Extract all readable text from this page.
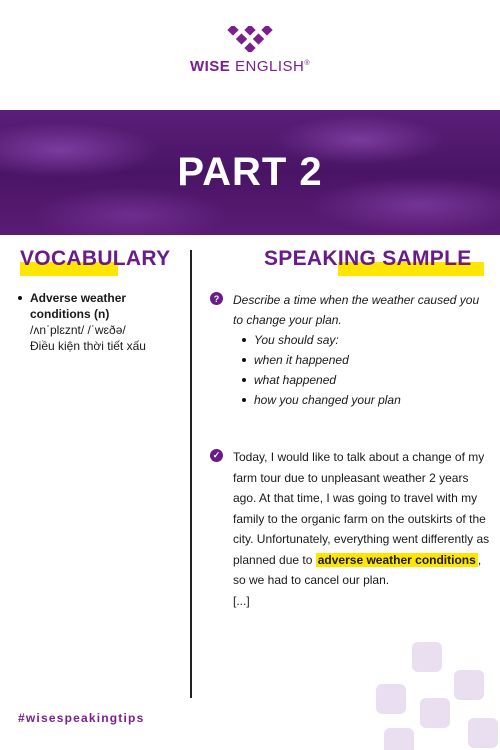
WISE ENGLISH®
PART 2
VOCABULARY	SPEAKING SAMPLE
Adverse weather conditions (n)
/ʌnˈplɛznt/ /ˈwɛðə/
Điều kiện thời tiết xấu
?	Describe a time when the weather caused you to change your plan.
You should say:
when it happened
what happened
how you changed your plan
✓	Today, I would like to talk about a change of my farm tour due to unpleasant weather 2 years ago. At that time, I was going to travel with my family to the organic farm on the outskirts of the city. Unfortunately, everything went differently as planned due to adverse weather conditions , so we had to cancel our plan.
[...]
#wisespeakingtips
